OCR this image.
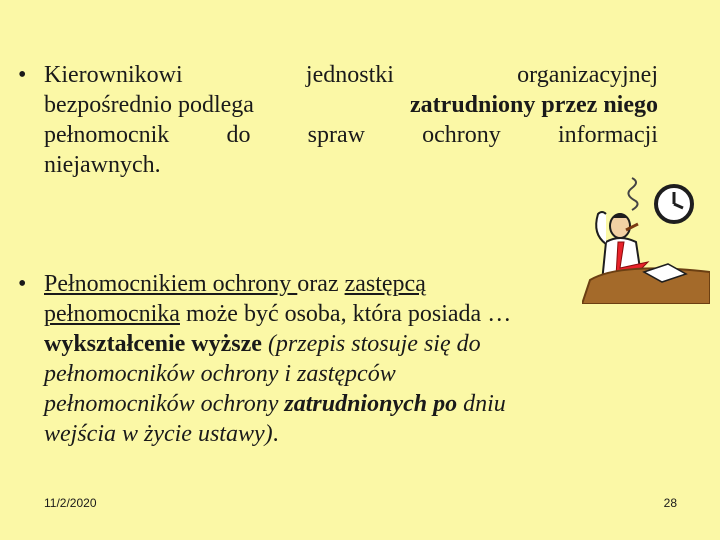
• Kierownikowi	jednostki	organizacyjnej
bezpośrednio podlega	zatrudniony przez niego
pełnomocnik do spraw ochrony informacji
niejawnych.
• Pełnomocnikiem ochrony oraz zastępcą
pełnomocnika może być osoba, która posiada …
wykształcenie wyższe (przepis stosuje się do
pełnomocników ochrony i zastępców
pełnomocników ochrony zatrudnionych po dniu
wejścia w życie ustawy).
11/2/2020	28
